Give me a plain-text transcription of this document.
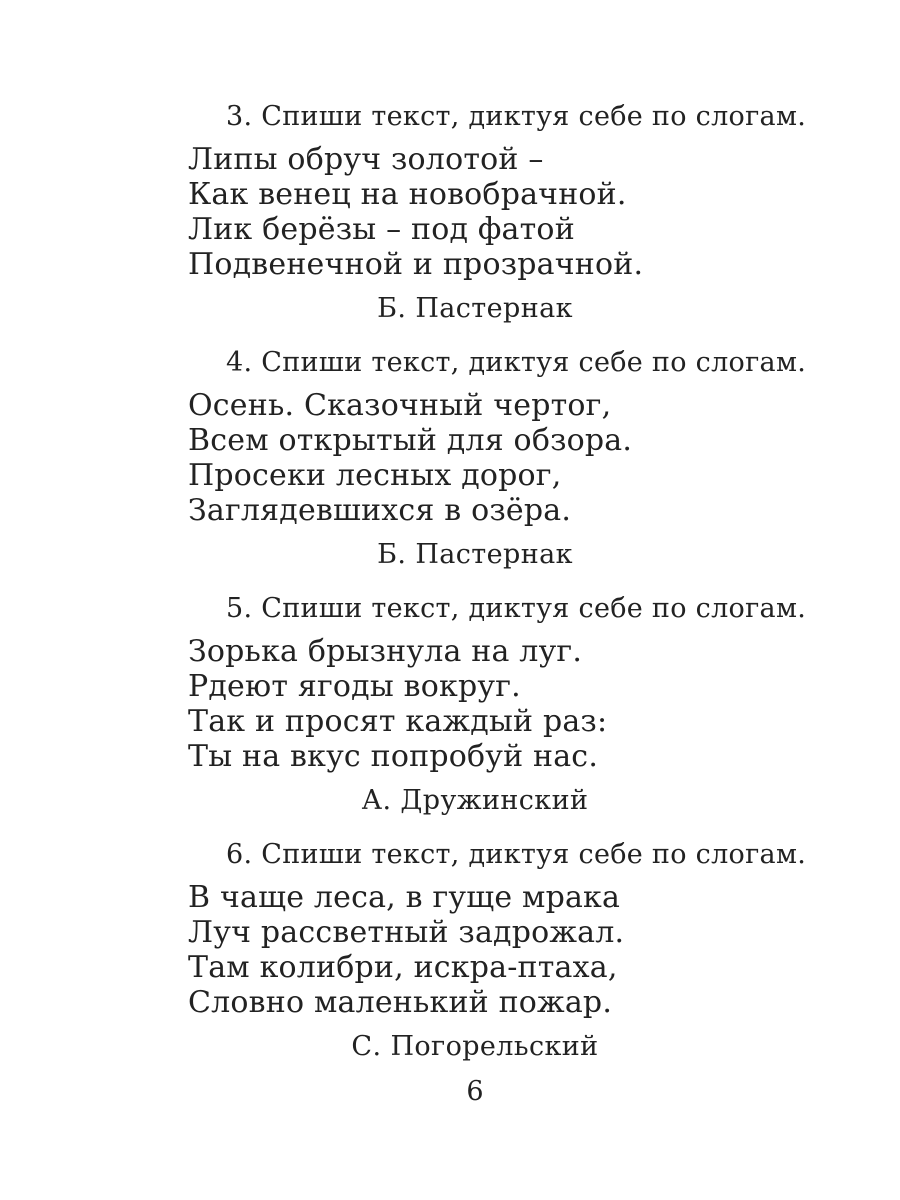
3. Спиши текст, диктуя себе по слогам.
Липы обруч золотой –
Как венец на новобрачной.
Лик берёзы – под фатой
Подвенечной и прозрачной.
Б. Пастернак
4. Спиши текст, диктуя себе по слогам.
Осень. Сказочный чертог,
Всем открытый для обзора.
Просеки лесных дорог,
Заглядевшихся в озёра.
Б. Пастернак
5. Спиши текст, диктуя себе по слогам.
Зорька брызнула на луг.
Рдеют ягоды вокруг.
Так и просят каждый раз:
Ты на вкус попробуй нас.
А. Дружинский
6. Спиши текст, диктуя себе по слогам.
В чаще леса, в гуще мрака
Луч рассветный задрожал.
Там колибри, искра-птаха,
Словно маленький пожар.
С. Погорельский
6
